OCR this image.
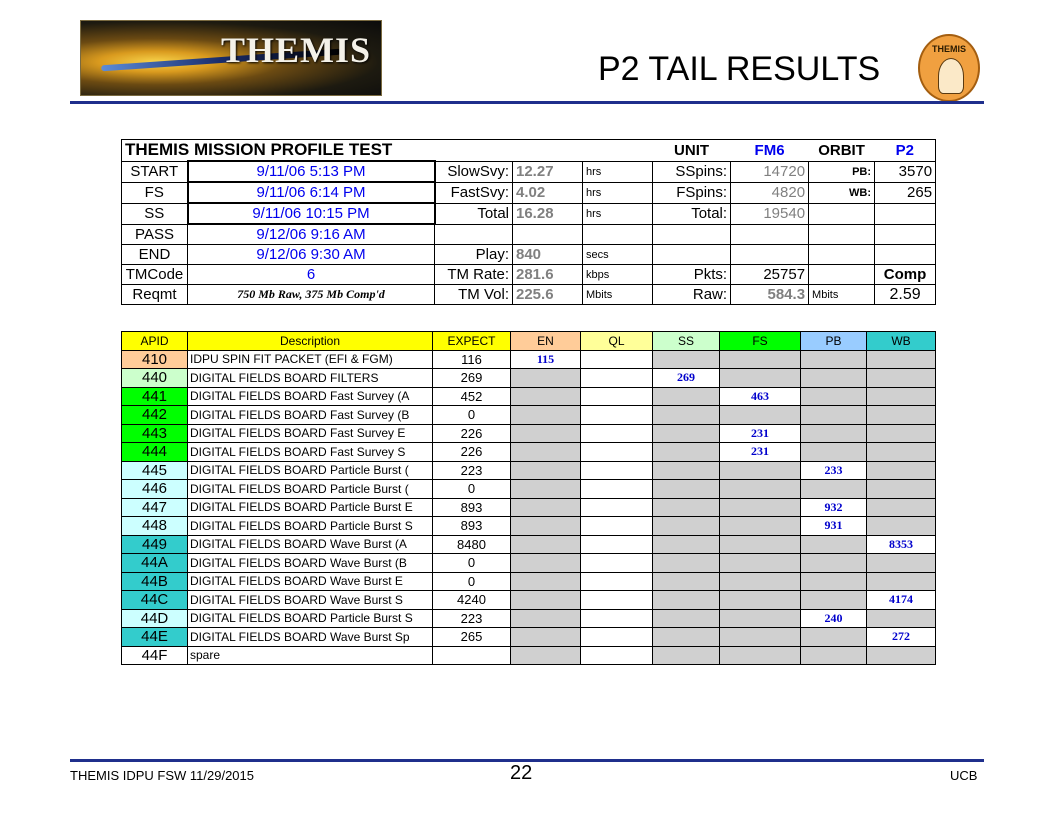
THEMIS	P2 TAIL RESULTS
THEMIS
THEMIS MISSION PROFILE TEST					UNIT	FM6	ORBIT	P2
START	9/11/06 5:13 PM	SlowSvy:	12.27	hrs	SSpins:	14720	PB:	3570
FS	9/11/06 6:14 PM	FastSvy:	4.02	hrs	FSpins:	4820	WB:	265
SS	9/11/06 10:15 PM	Total	16.28	hrs	Total:	19540		
PASS	9/12/06 9:16 AM							
END	9/12/06 9:30 AM	Play:	840	secs				
TMCode	6	TM Rate:	281.6	kbps	Pkts:	25757		Comp
Reqmt	750 Mb Raw, 375 Mb Comp'd	TM Vol:	225.6	Mbits	Raw:	584.3	Mbits	2.59
APID	Description	EXPECT	EN	QL	SS	FS	PB	WB
410	IDPU SPIN FIT PACKET (EFI & FGM)	116	115					
440	DIGITAL FIELDS BOARD FILTERS	269			269			
441	DIGITAL FIELDS BOARD Fast Survey (A	452				463		
442	DIGITAL FIELDS BOARD Fast Survey (B	0						
443	DIGITAL FIELDS BOARD Fast Survey E	226				231		
444	DIGITAL FIELDS BOARD Fast Survey S	226				231		
445	DIGITAL FIELDS BOARD Particle Burst (	223					233	
446	DIGITAL FIELDS BOARD Particle Burst (	0						
447	DIGITAL FIELDS BOARD Particle Burst E	893					932	
448	DIGITAL FIELDS BOARD Particle Burst S	893					931	
449	DIGITAL FIELDS BOARD Wave Burst (A	8480						8353
44A	DIGITAL FIELDS BOARD Wave Burst (B	0						
44B	DIGITAL FIELDS BOARD Wave Burst E	0						
44C	DIGITAL FIELDS BOARD Wave Burst S	4240						4174
44D	DIGITAL FIELDS BOARD Particle Burst S	223					240	
44E	DIGITAL FIELDS BOARD Wave Burst Sp	265						272
44F	spare							
THEMIS IDPU FSW 11/29/2015	22	UCB
